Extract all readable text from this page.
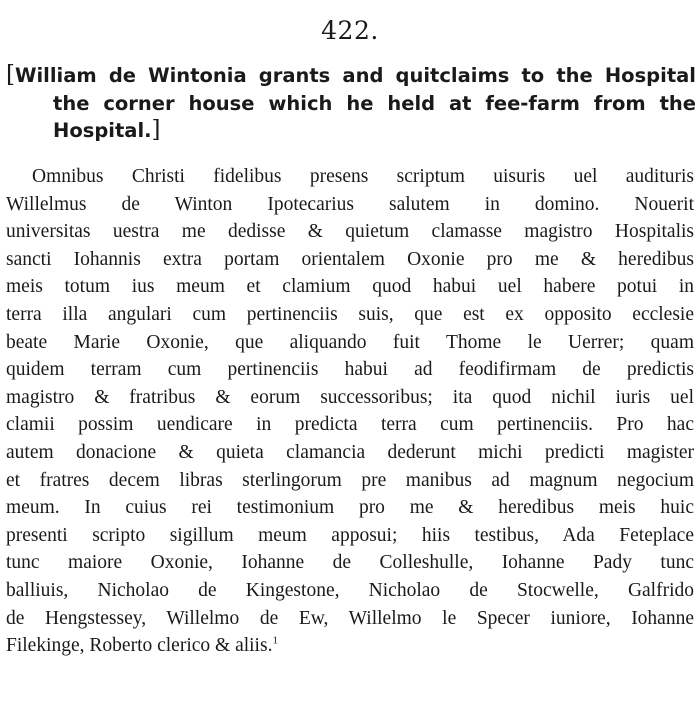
422.
[William de Wintonia grants and quitclaims to the Hospital
the corner house which he held at fee-farm from the
Hospital.]
Omnibus Christi fidelibus presens scriptum uisuris uel audituris
Willelmus de Winton Ipotecarius salutem in domino. Nouerit
universitas uestra me dedisse & quietum clamasse magistro Hospitalis
sancti Iohannis extra portam orientalem Oxonie pro me & heredibus
meis totum ius meum et clamium quod habui uel habere potui in
terra illa angulari cum pertinenciis suis, que est ex opposito ecclesie
beate Marie Oxonie, que aliquando fuit Thome le Uerrer; quam
quidem terram cum pertinenciis habui ad feodifirmam de predictis
magistro & fratribus & eorum successoribus; ita quod nichil iuris uel
clamii possim uendicare in predicta terra cum pertinenciis. Pro hac
autem donacione & quieta clamancia dederunt michi predicti magister
et fratres decem libras sterlingorum pre manibus ad magnum negocium
meum. In cuius rei testimonium pro me & heredibus meis huic
presenti scripto sigillum meum apposui; hiis testibus, Ada Feteplace
tunc maiore Oxonie, Iohanne de Colleshulle, Iohanne Pady tunc
balliuis, Nicholao de Kingestone, Nicholao de Stocwelle, Galfrido
de Hengstessey, Willelmo de Ew, Willelmo le Specer iuniore, Iohanne
Filekinge, Roberto clerico & aliis.$^1$
